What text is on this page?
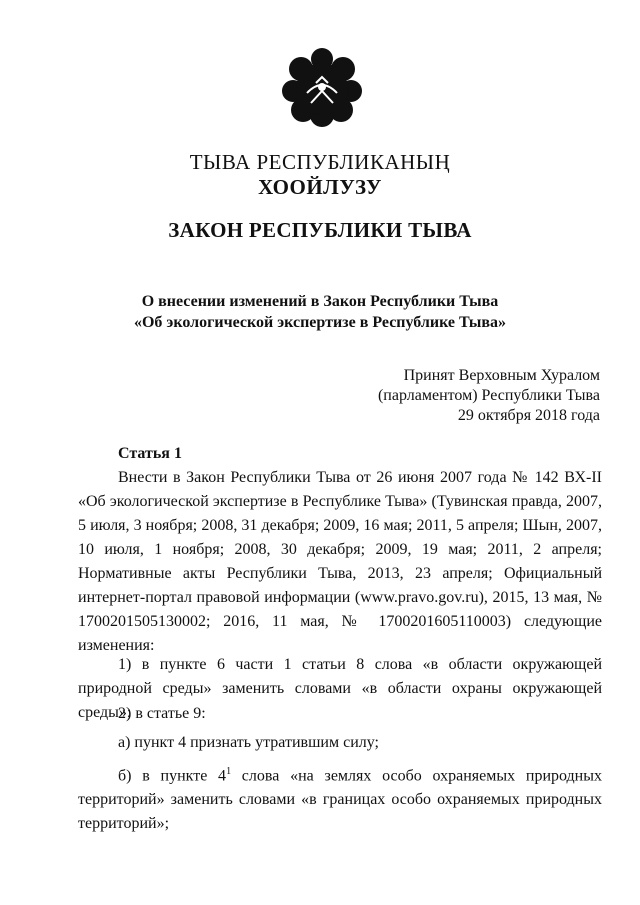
ТЫВА РЕСПУБЛИКАНЫҢ
ХООЙЛУЗУ
ЗАКОН РЕСПУБЛИКИ ТЫВА
О внесении изменений в Закон Республики Тыва
«Об экологической экспертизе в Республике Тыва»
Принят Верховным Хуралом
(парламентом) Республики Тыва
29 октября 2018 года
Статья 1
Внести в Закон Республики Тыва от 26 июня 2007 года № 142 ВХ-II «Об экологической экспертизе в Республике Тыва» (Тувинская правда, 2007, 5 июля, 3 ноября; 2008, 31 декабря; 2009, 16 мая; 2011, 5 апреля; Шын, 2007, 10 июля, 1 ноября; 2008, 30 декабря; 2009, 19 мая; 2011, 2 апреля; Нормативные акты Республики Тыва, 2013, 23 апреля; Официальный интернет-портал правовой информации (www.pravo.gov.ru), 2015, 13 мая, № 1700201505130002; 2016, 11 мая, № 1700201605110003) следующие изменения:
1) в пункте 6 части 1 статьи 8 слова «в области окружающей природной среды» заменить словами «в области охраны окружающей среды»;
2) в статье 9:
а) пункт 4 признать утратившим силу;
б) в пункте $4^1$ слова «на землях особо охраняемых природных территорий» заменить словами «в границах особо охраняемых природных территорий»;
